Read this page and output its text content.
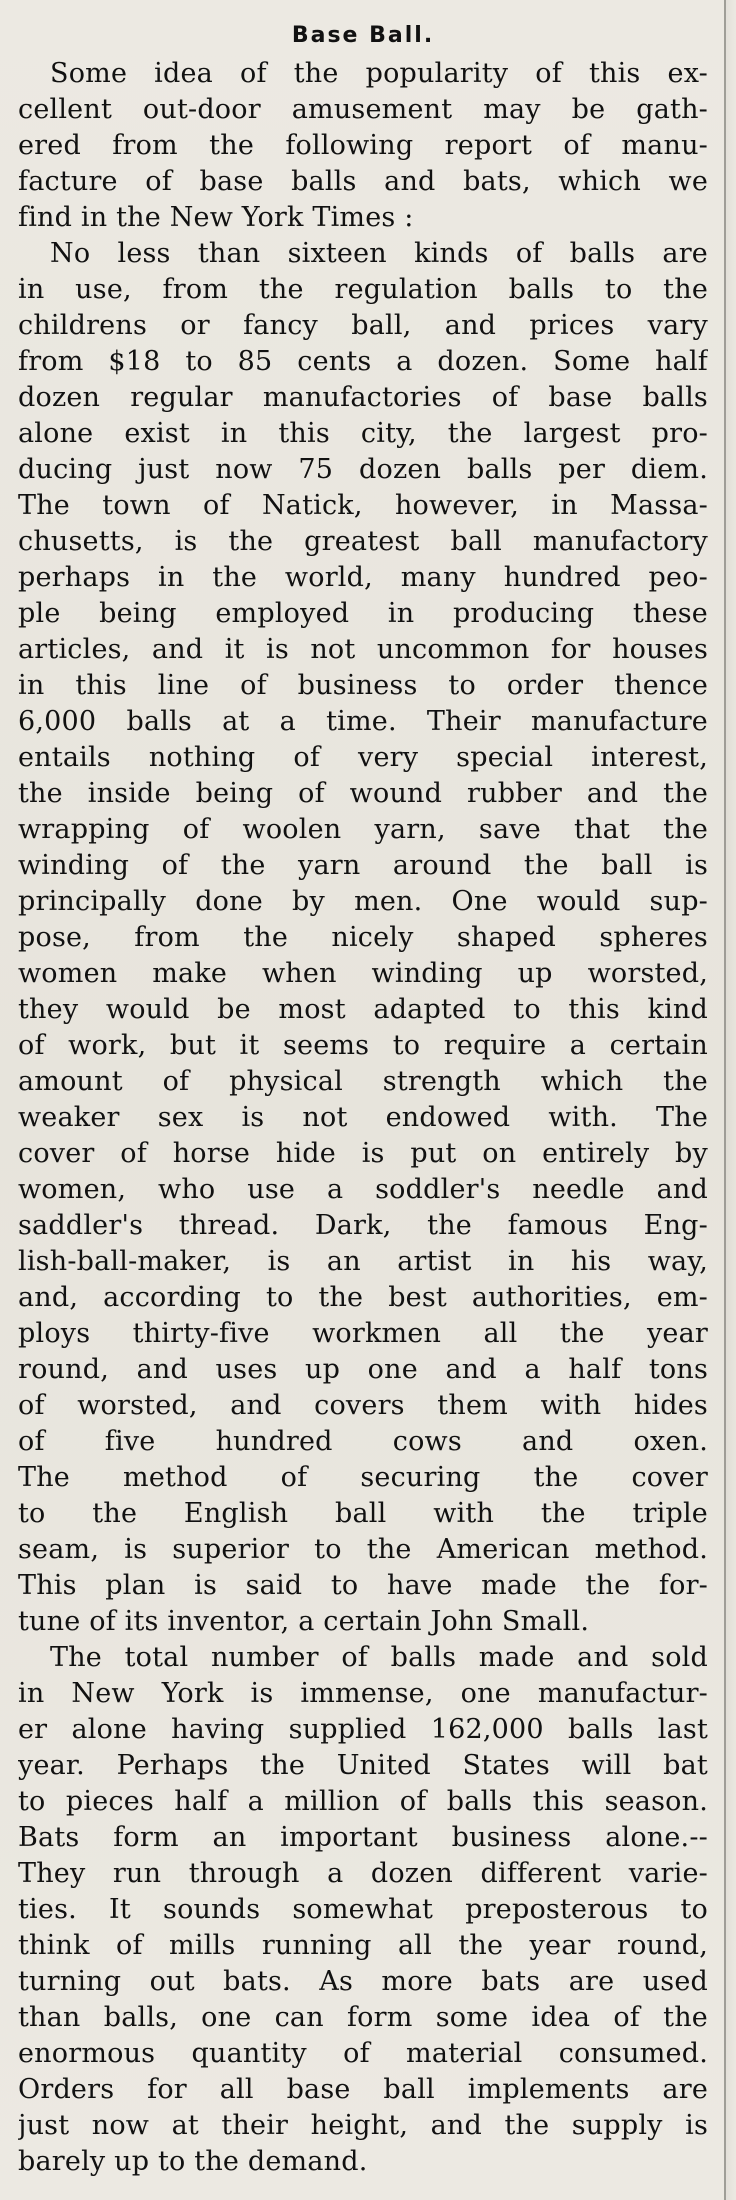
Base Ball.
Some idea of the popularity of this ex-
cellent out-door amusement may be gath-
ered from the following report of manu-
facture of base balls and bats, which we
find in the New York Times :
No less than sixteen kinds of balls are
in use, from the regulation balls to the
childrens or fancy ball, and prices vary
from $18 to 85 cents a dozen. Some half
dozen regular manufactories of base balls
alone exist in this city, the largest pro-
ducing just now 75 dozen balls per diem.
The town of Natick, however, in Massa-
chusetts, is the greatest ball manufactory
perhaps in the world, many hundred peo-
ple being employed in producing these
articles, and it is not uncommon for houses
in this line of business to order thence
6,000 balls at a time. Their manufacture
entails nothing of very special interest,
the inside being of wound rubber and the
wrapping of woolen yarn, save that the
winding of the yarn around the ball is
principally done by men. One would sup-
pose, from the nicely shaped spheres
women make when winding up worsted,
they would be most adapted to this kind
of work, but it seems to require a certain
amount of physical strength which the
weaker sex is not endowed with. The
cover of horse hide is put on entirely by
women, who use a soddler's needle and
saddler's thread. Dark, the famous Eng-
lish-ball-maker, is an artist in his way,
and, according to the best authorities, em-
ploys thirty-five workmen all the year
round, and uses up one and a half tons
of worsted, and covers them with hides
of five hundred cows and oxen.
The method of securing the cover
to the English ball with the triple
seam, is superior to the American method.
This plan is said to have made the for-
tune of its inventor, a certain John Small.
The total number of balls made and sold
in New York is immense, one manufactur-
er alone having supplied 162,000 balls last
year. Perhaps the United States will bat
to pieces half a million of balls this season.
Bats form an important business alone.--
They run through a dozen different varie-
ties. It sounds somewhat preposterous to
think of mills running all the year round,
turning out bats. As more bats are used
than balls, one can form some idea of the
enormous quantity of material consumed.
Orders for all base ball implements are
just now at their height, and the supply is
barely up to the demand.
